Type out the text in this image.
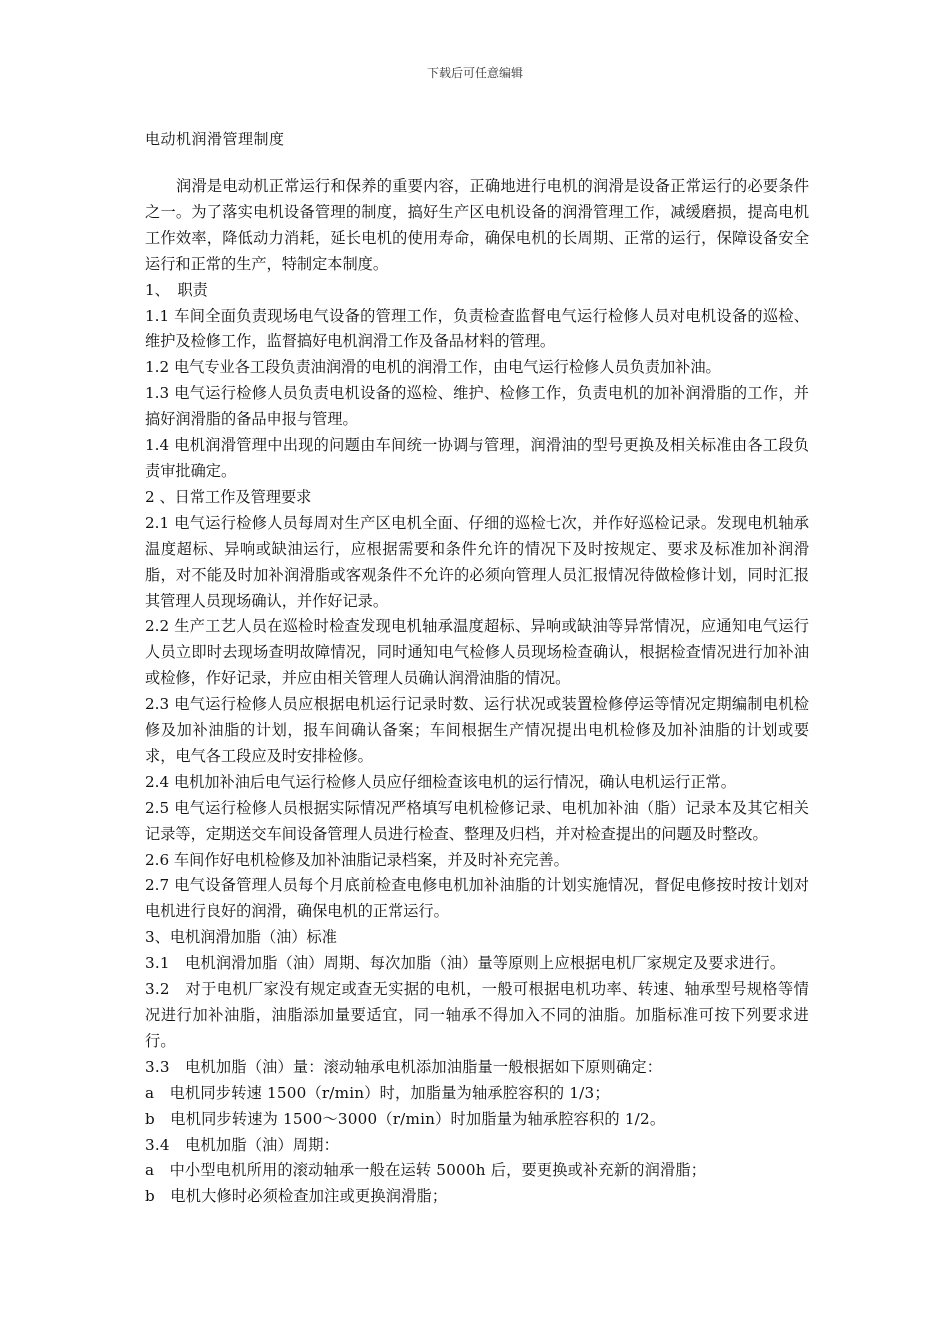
下载后可任意编辑
电动机润滑管理制度

润滑是电动机正常运行和保养的重要内容，正确地进行电机的润滑是设备正常运行的必要条件之一。为了落实电机设备管理的制度，搞好生产区电机设备的润滑管理工作，减缓磨损，提高电机工作效率，降低动力消耗，延长电机的使用寿命，确保电机的长周期、正常的运行，保障设备安全运行和正常的生产，特制定本制度。

1、　职责

1.1 车间全面负责现场电气设备的管理工作，负责检查监督电气运行检修人员对电机设备的巡检、维护及检修工作，监督搞好电机润滑工作及备品材料的管理。

1.2 电气专业各工段负责油润滑的电机的润滑工作，由电气运行检修人员负责加补油。

1.3 电气运行检修人员负责电机设备的巡检、维护、检修工作，负责电机的加补润滑脂的工作，并搞好润滑脂的备品申报与管理。

1.4 电机润滑管理中出现的问题由车间统一协调与管理，润滑油的型号更换及相关标准由各工段负责审批确定。

2 、日常工作及管理要求

2.1 电气运行检修人员每周对生产区电机全面、仔细的巡检七次，并作好巡检记录。发现电机轴承温度超标、异响或缺油运行，应根据需要和条件允许的情况下及时按规定、要求及标准加补润滑脂，对不能及时加补润滑脂或客观条件不允许的必须向管理人员汇报情况待做检修计划，同时汇报其管理人员现场确认，并作好记录。

2.2 生产工艺人员在巡检时检查发现电机轴承温度超标、异响或缺油等异常情况，应通知电气运行人员立即时去现场查明故障情况，同时通知电气检修人员现场检查确认，根据检查情况进行加补油或检修，作好记录，并应由相关管理人员确认润滑油脂的情况。

2.3 电气运行检修人员应根据电机运行记录时数、运行状况或装置检修停运等情况定期编制电机检修及加补油脂的计划，报车间确认备案；车间根据生产情况提出电机检修及加补油脂的计划或要求，电气各工段应及时安排检修。

2.4 电机加补油后电气运行检修人员应仔细检查该电机的运行情况，确认电机运行正常。

2.5 电气运行检修人员根据实际情况严格填写电机检修记录、电机加补油（脂）记录本及其它相关记录等，定期送交车间设备管理人员进行检查、整理及归档，并对检查提出的问题及时整改。

2.6 车间作好电机检修及加补油脂记录档案，并及时补充完善。

2.7 电气设备管理人员每个月底前检查电修电机加补油脂的计划实施情况，督促电修按时按计划对电机进行良好的润滑，确保电机的正常运行。

3、电机润滑加脂（油）标准

3.1　电机润滑加脂（油）周期、每次加脂（油）量等原则上应根据电机厂家规定及要求进行。

3.2　对于电机厂家没有规定或查无实据的电机，一般可根据电机功率、转速、轴承型号规格等情况进行加补油脂，油脂添加量要适宜，同一轴承不得加入不同的油脂。加脂标准可按下列要求进行。

3.3　电机加脂（油）量：滚动轴承电机添加油脂量一般根据如下原则确定：

a　电机同步转速 1500（r/min）时，加脂量为轴承腔容积的 1/3；

b　电机同步转速为 1500～3000（r/min）时加脂量为轴承腔容积的 1/2。

3.4　电机加脂（油）周期：

a　中小型电机所用的滚动轴承一般在运转 5000h 后，要更换或补充新的润滑脂；

b　电机大修时必须检查加注或更换润滑脂；
